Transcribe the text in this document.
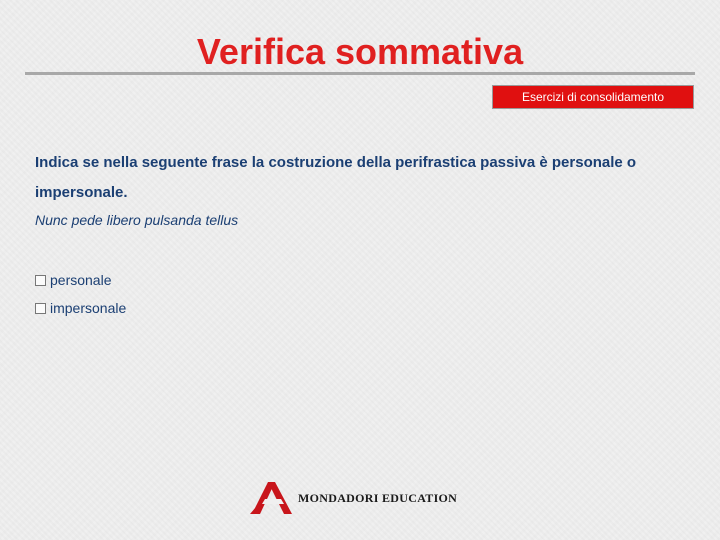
Verifica sommativa
Esercizi di consolidamento

Indica se nella seguente frase la costruzione della perifrastica passiva è personale o impersonale.

Nunc pede libero pulsanda tellus
personale
impersonale
MONDADORI EDUCATION
